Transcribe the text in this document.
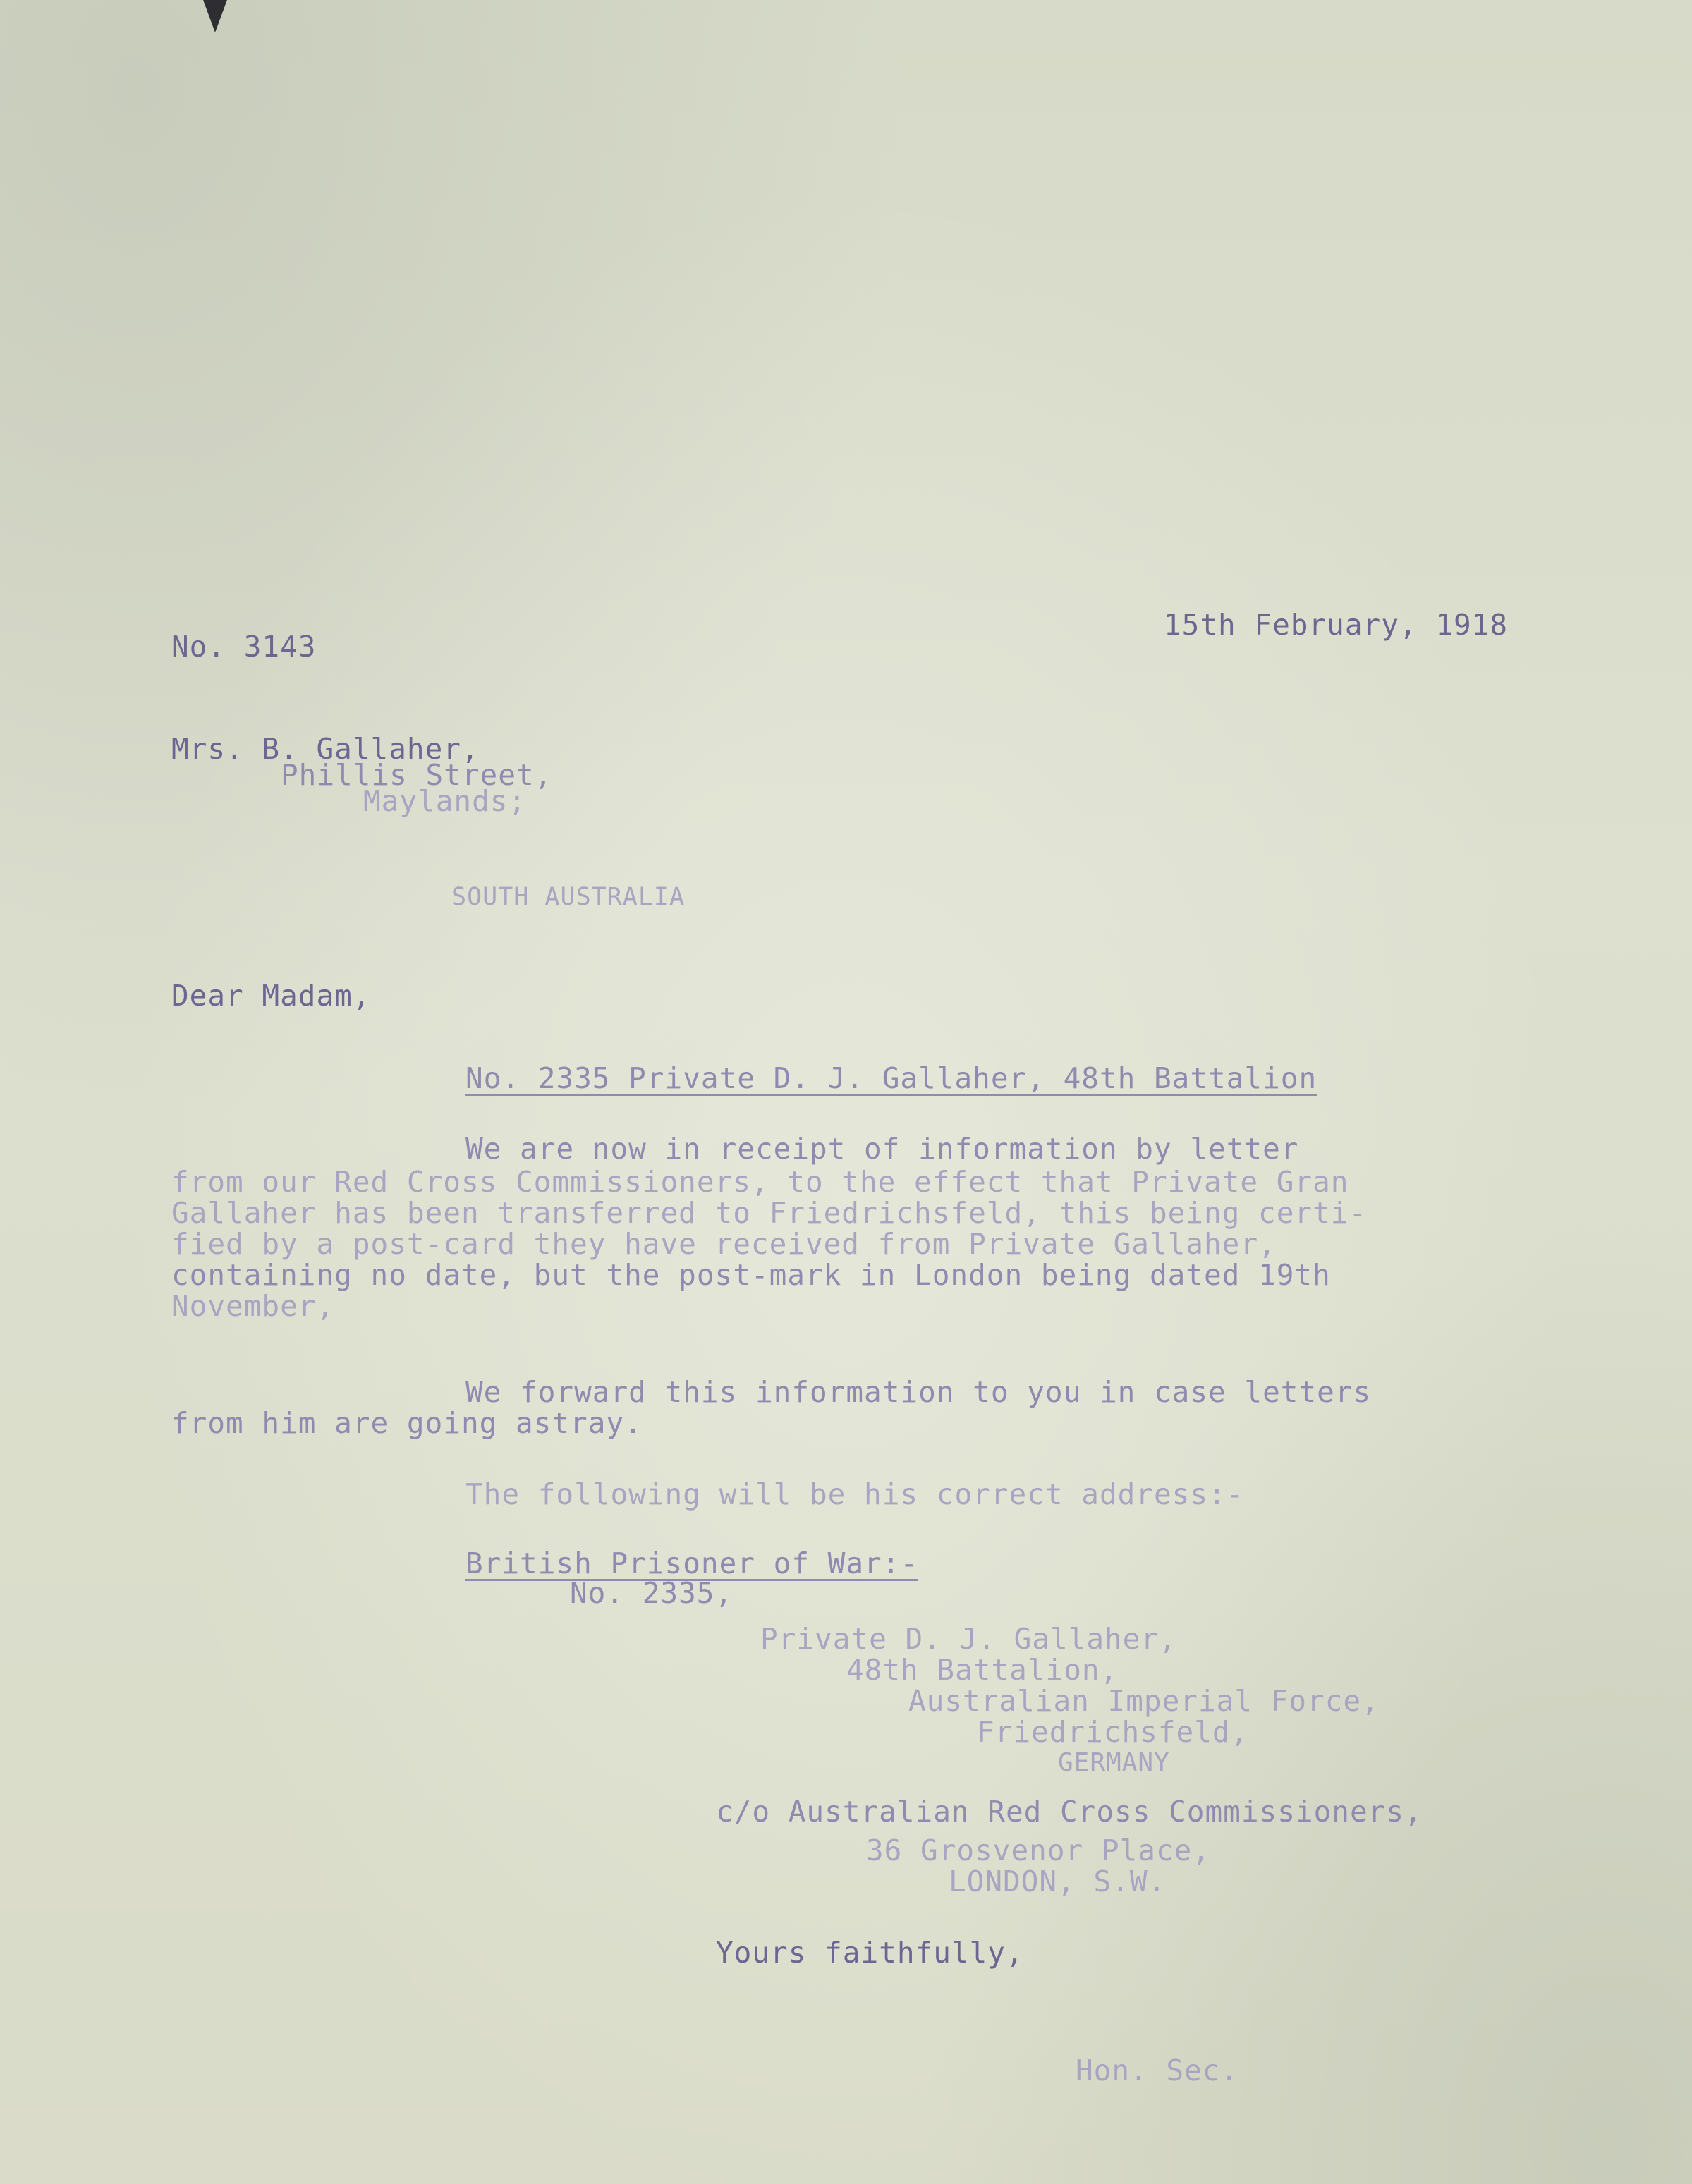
15th February, 1918
No. 3143
Mrs. B. Gallaher,
Phillis Street,
Maylands;
SOUTH AUSTRALIA
Dear Madam,
No. 2335 Private D. J. Gallaher, 48th Battalion
We are now in receipt of information by letter
from our Red Cross Commissioners, to the effect that Private Gran
Gallaher has been transferred to Friedrichsfeld, this being certi-
fied by a post-card they have received from Private Gallaher,
containing no date, but the post-mark in London being dated 19th
November,
We forward this information to you in case letters
from him are going astray.
The following will be his correct address:-
British Prisoner of War:-
No. 2335,
Private D. J. Gallaher,
48th Battalion,
Australian Imperial Force,
Friedrichsfeld,
GERMANY
c/o Australian Red Cross Commissioners,
36 Grosvenor Place,
LONDON, S.W.
Yours faithfully,
Hon. Sec.
